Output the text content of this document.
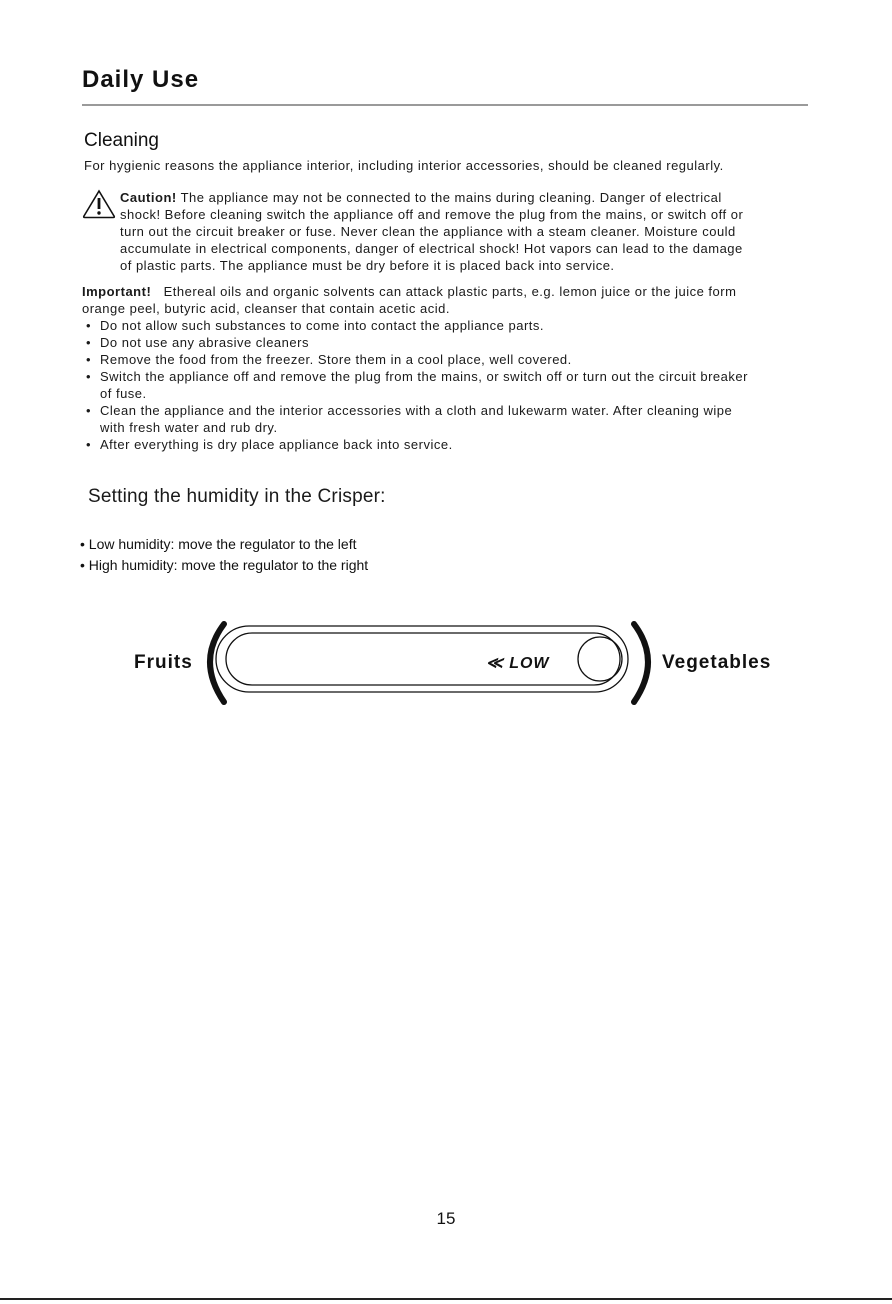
Daily Use
Cleaning
For hygienic reasons the appliance interior, including interior accessories, should be cleaned regularly.

Caution! The appliance may not be connected to the mains during cleaning. Danger of electrical

shock! Before cleaning switch the appliance off and remove the plug from the mains, or switch off or

turn out the circuit breaker or fuse. Never clean the appliance with a steam cleaner. Moisture could

accumulate in electrical components, danger of electrical shock! Hot vapors can lead to the damage

of plastic parts. The appliance must be dry before it is placed back into service.

Important!   Ethereal oils and organic solvents can attack plastic parts, e.g. lemon juice or the juice form

orange peel, butyric acid, cleanser that contain acetic acid.

• Do not allow such substances to come into contact the appliance parts.
• Do not use any abrasive cleaners
• Remove the food from the freezer. Store them in a cool place, well covered.
• Switch the appliance off and remove the plug from the mains, or switch off or turn out the circuit breaker
of fuse.
• Clean the appliance and the interior accessories with a cloth and lukewarm water. After cleaning wipe
with fresh water and rub dry.
• After everything is dry place appliance back into service.
Setting the humidity in the Crisper:
• Low humidity: move the regulator to the left
• High humidity: move the regulator to the right
Fruits	≪ LOW	Vegetables
15
